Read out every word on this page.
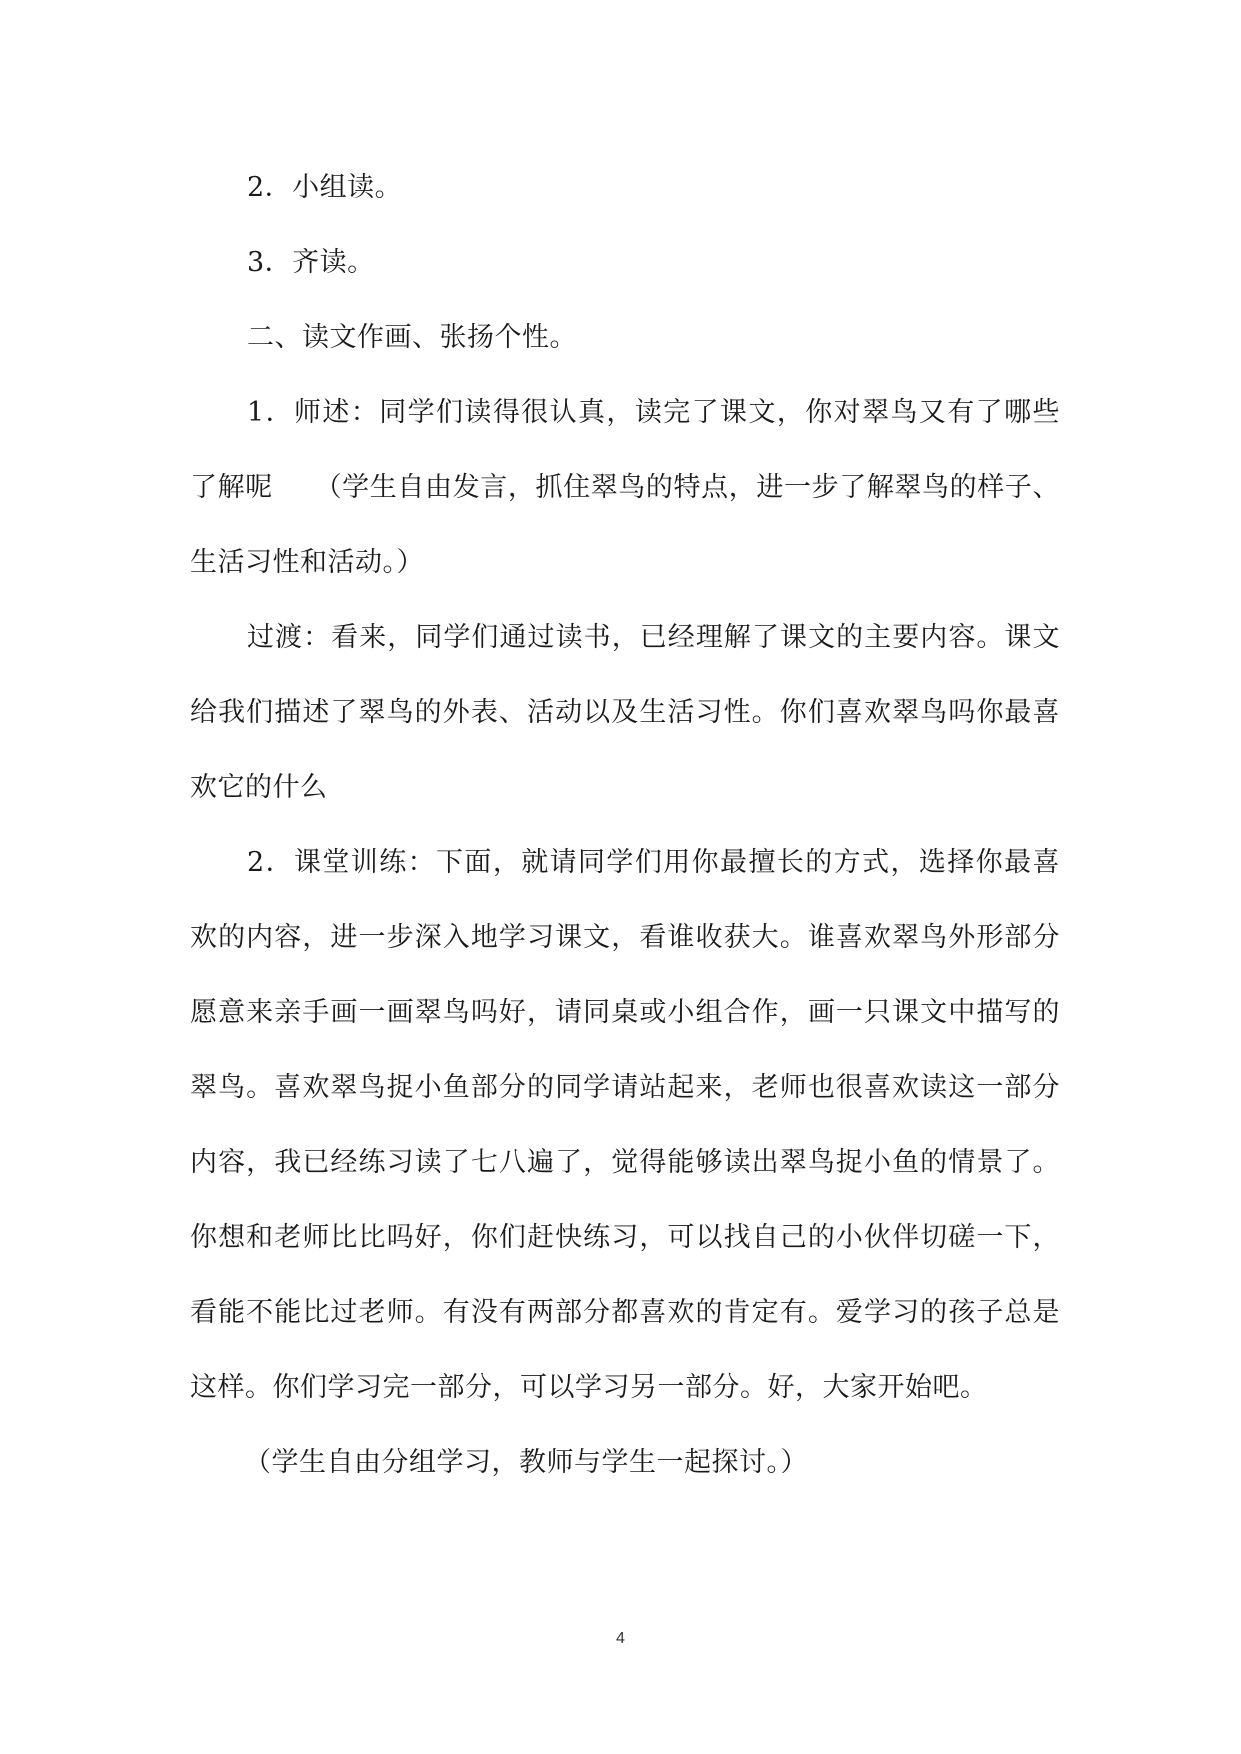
2．小组读。

3．齐读。

二、读文作画、张扬个性。

1．师述：同学们读得很认真，读完了课文，你对翠鸟又有了哪些了解呢　　（学生自由发言，抓住翠鸟的特点，进一步了解翠鸟的样子、生活习性和活动。）

过渡：看来，同学们通过读书，已经理解了课文的主要内容。课文给我们描述了翠鸟的外表、活动以及生活习性。你们喜欢翠鸟吗你最喜欢它的什么

2．课堂训练：下面，就请同学们用你最擅长的方式，选择你最喜欢的内容，进一步深入地学习课文，看谁收获大。谁喜欢翠鸟外形部分愿意来亲手画一画翠鸟吗好，请同桌或小组合作，画一只课文中描写的翠鸟。喜欢翠鸟捉小鱼部分的同学请站起来，老师也很喜欢读这一部分内容，我已经练习读了七八遍了，觉得能够读出翠鸟捉小鱼的情景了。你想和老师比比吗好，你们赶快练习，可以找自己的小伙伴切磋一下，看能不能比过老师。有没有两部分都喜欢的肯定有。爱学习的孩子总是这样。你们学习完一部分，可以学习另一部分。好，大家开始吧。

（学生自由分组学习，教师与学生一起探讨。）

4
